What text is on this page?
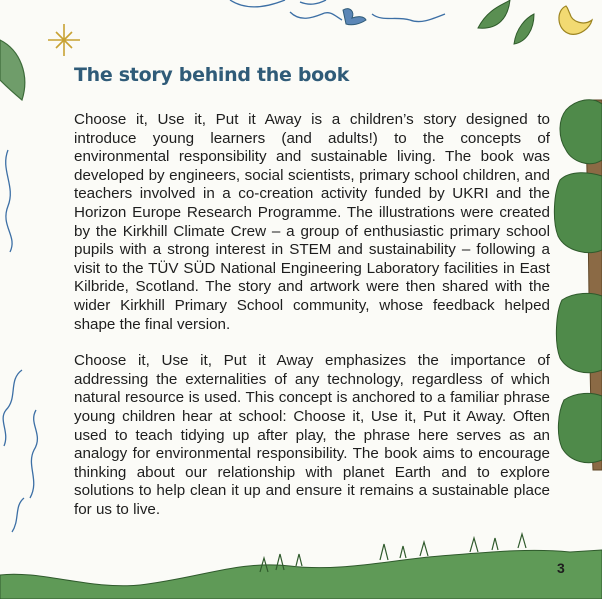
The story behind the book

Choose it, Use it, Put it Away is a children’s story designed to introduce young learners (and adults!) to the concepts of environmental responsibility and sustainable living. The book was developed by engineers, social scientists, primary school children, and teachers involved in a co-creation activity funded by UKRI and the Horizon Europe Research Programme. The illustrations were created by the Kirkhill Climate Crew – a group of enthusiastic primary school pupils with a strong interest in STEM and sustainability – following a visit to the TÜV SÜD National Engineering Laboratory facilities in East Kilbride, Scotland. The story and artwork were then shared with the wider Kirkhill Primary School community, whose feedback helped shape the final version.

Choose it, Use it, Put it Away emphasizes the importance of addressing the externalities of any technology, regardless of which natural resource is used. This concept is anchored to a familiar phrase young children hear at school: Choose it, Use it, Put it Away. Often used to teach tidying up after play, the phrase here serves as an analogy for environmental responsibility. The book aims to encourage thinking about our relationship with planet Earth and to explore solutions to help clean it up and ensure it remains a sustainable place for us to live.

3
